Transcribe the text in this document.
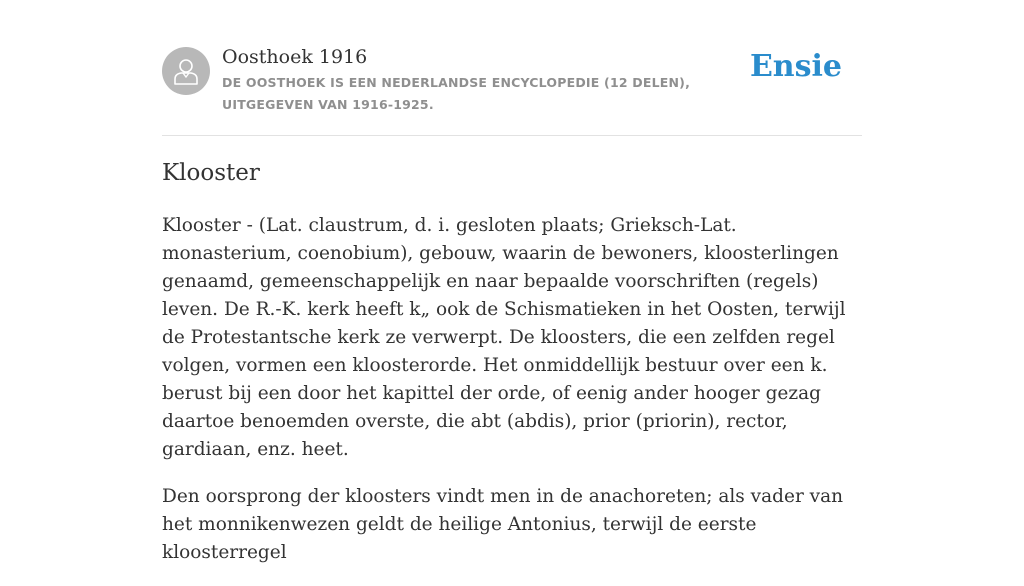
Oosthoek 1916
DE OOSTHOEK IS EEN NEDERLANDSE ENCYCLOPEDIE (12 DELEN), UITGEGEVEN VAN 1916-1925.
Ensie
Klooster

Klooster - (Lat. claustrum, d. i. gesloten plaats; Grieksch-Lat. monasterium, coenobium), gebouw, waarin de bewoners, kloosterlingen genaamd, gemeenschappelijk en naar bepaalde voorschriften (regels) leven. De R.-K. kerk heeft k„ ook de Schismatieken in het Oosten, terwijl de Protestantsche kerk ze verwerpt. De kloosters, die een zelfden regel volgen, vormen een kloosterorde. Het onmiddellijk bestuur over een k. berust bij een door het kapittel der orde, of eenig ander hooger gezag daartoe benoemden overste, die abt (abdis), prior (priorin), rector, gardiaan, enz. heet.

Den oorsprong der kloosters vindt men in de anachoreten; als vader van het monnikenwezen geldt de heilige Antonius, terwijl de eerste kloosterregel
